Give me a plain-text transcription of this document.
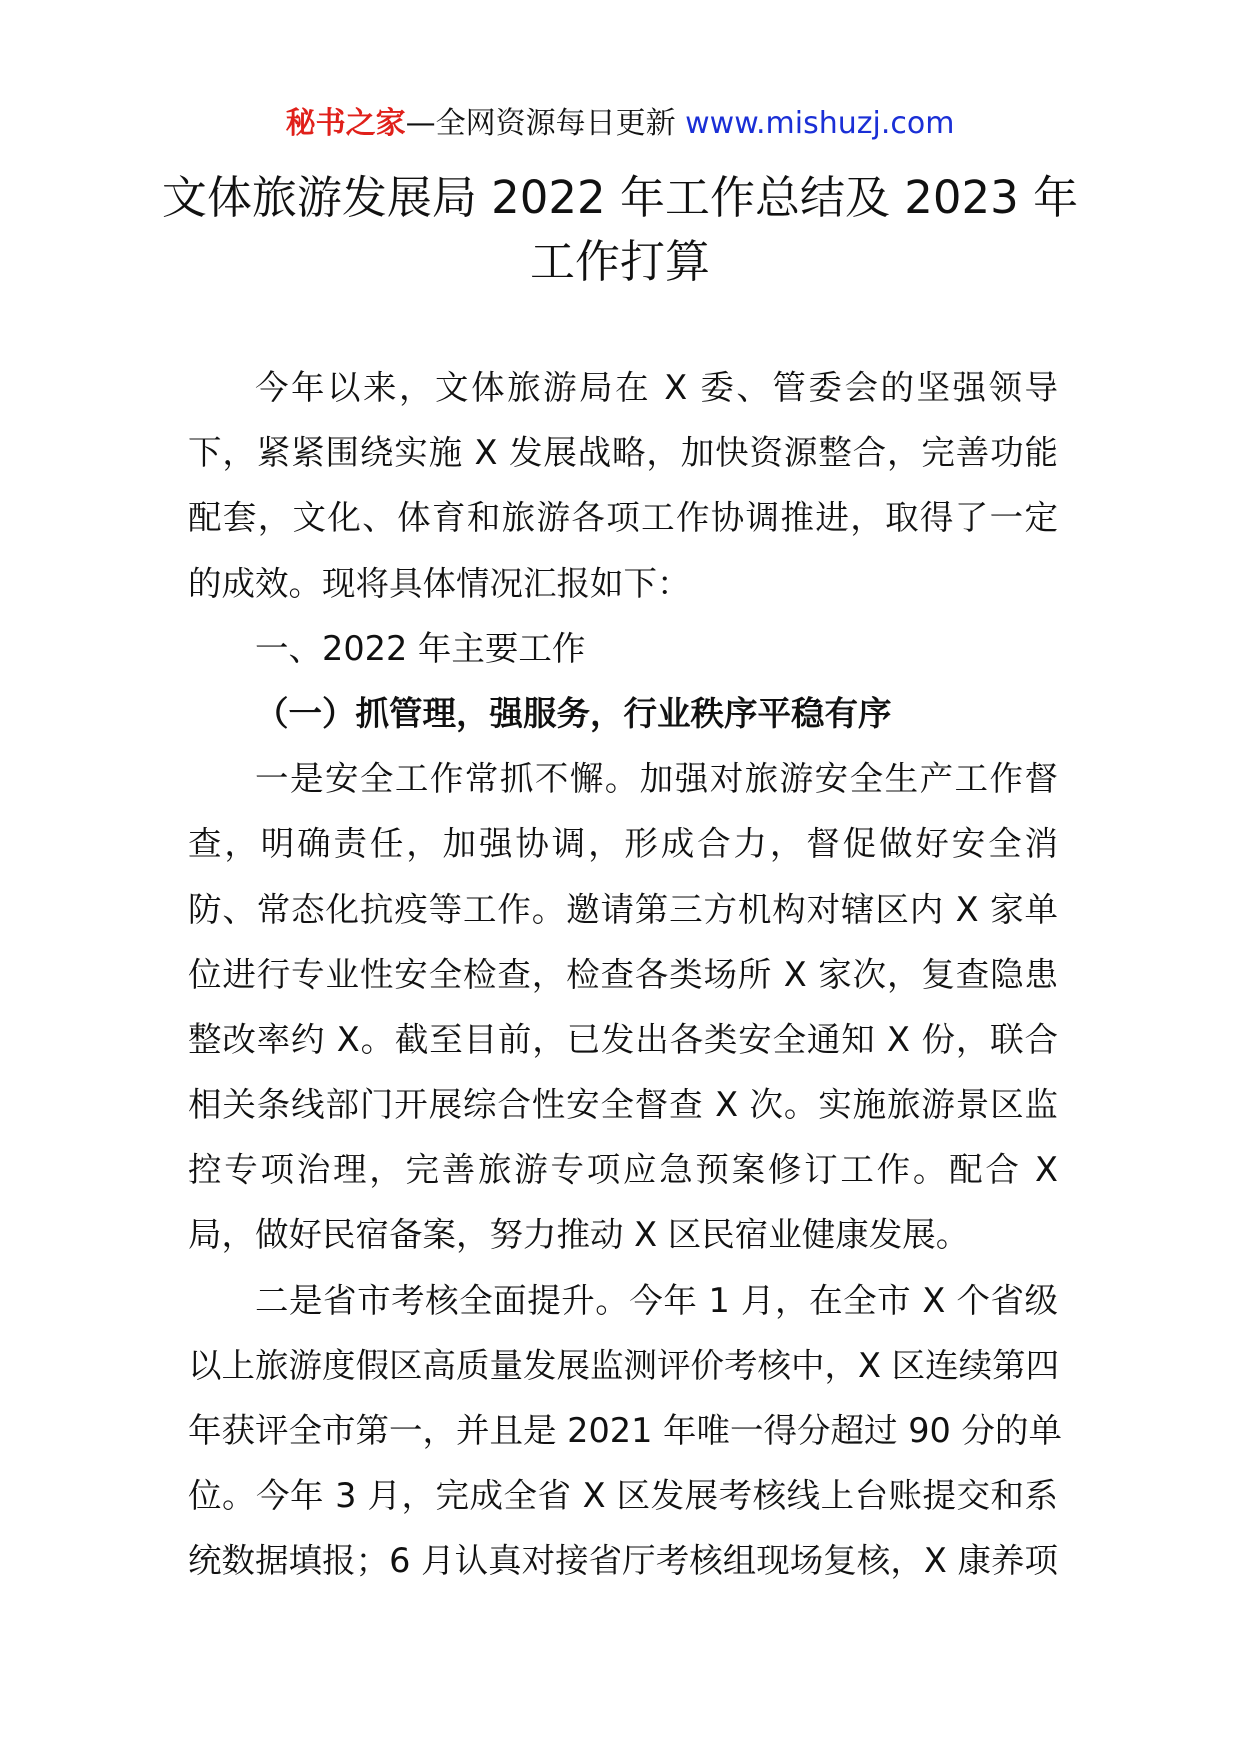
秘书之家—全网资源每日更新 www.mishuzj.com
文体旅游发展局 2022 年工作总结及 2023 年
工作打算
今年以来，文体旅游局在 X 委、管委会的坚强领导
下，紧紧围绕实施 X 发展战略，加快资源整合，完善功能
配套，文化、体育和旅游各项工作协调推进，取得了一定
的成效。现将具体情况汇报如下：
一、2022 年主要工作
（一）抓管理，强服务，行业秩序平稳有序
一是安全工作常抓不懈。加强对旅游安全生产工作督
查，明确责任，加强协调，形成合力，督促做好安全消
防、常态化抗疫等工作。邀请第三方机构对辖区内 X 家单
位进行专业性安全检查，检查各类场所 X 家次，复查隐患
整改率约 X。截至目前，已发出各类安全通知 X 份，联合
相关条线部门开展综合性安全督查 X 次。实施旅游景区监
控专项治理，完善旅游专项应急预案修订工作。配合 X
局，做好民宿备案，努力推动 X 区民宿业健康发展。
二是省市考核全面提升。今年 1 月，在全市 X 个省级
以上旅游度假区高质量发展监测评价考核中，X 区连续第四
年获评全市第一，并且是 2021 年唯一得分超过 90 分的单
位。今年 3 月，完成全省 X 区发展考核线上台账提交和系
统数据填报；6 月认真对接省厅考核组现场复核，X 康养项
